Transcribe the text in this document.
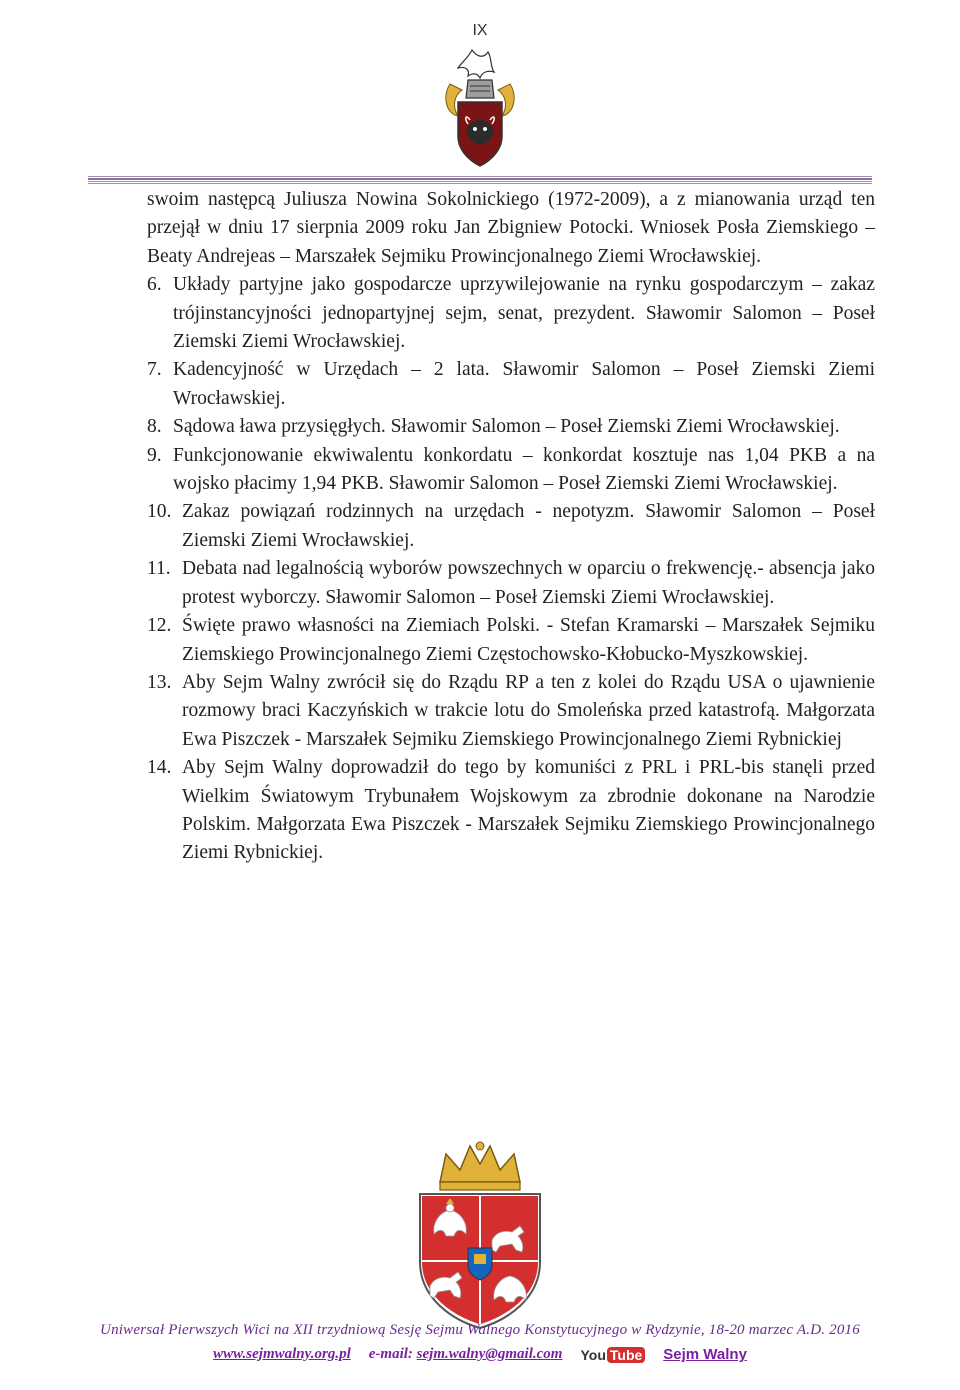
IX

swoim następcą Juliusza Nowina Sokolnickiego (1972-2009), a z mianowania urząd ten przejął w dniu 17 sierpnia 2009 roku Jan Zbigniew Potocki. Wniosek Posła Ziemskiego – Beaty Andrejeas – Marszałek Sejmiku Prowincjonalnego Ziemi Wrocławskiej.

6. Układy partyjne jako gospodarcze uprzywilejowanie na rynku gospodarczym – zakaz trójinstancyjności jednopartyjnej sejm, senat, prezydent. Sławomir Salomon – Poseł Ziemski Ziemi Wrocławskiej.
7. Kadencyjność w Urzędach – 2 lata. Sławomir Salomon – Poseł Ziemski Ziemi Wrocławskiej.
8. Sądowa ława przysięgłych. Sławomir Salomon – Poseł Ziemski Ziemi Wrocławskiej.
9. Funkcjonowanie ekwiwalentu konkordatu – konkordat kosztuje nas 1,04 PKB a na wojsko płacimy 1,94 PKB. Sławomir Salomon – Poseł Ziemski Ziemi Wrocławskiej.
10. Zakaz powiązań rodzinnych na urzędach - nepotyzm. Sławomir Salomon – Poseł Ziemski Ziemi Wrocławskiej.
11. Debata nad legalnością wyborów powszechnych w oparciu o frekwencję.- absencja jako protest wyborczy. Sławomir Salomon – Poseł Ziemski Ziemi Wrocławskiej.
12. Święte prawo własności na Ziemiach Polski. - Stefan Kramarski – Marszałek Sejmiku Ziemskiego Prowincjonalnego Ziemi Częstochowsko-Kłobucko-Myszkowskiej.
13. Aby Sejm Walny zwrócił się do Rządu RP a ten z kolei do Rządu USA o ujawnienie rozmowy braci Kaczyńskich w trakcie lotu do Smoleńska przed katastrofą. Małgorzata Ewa Piszczek - Marszałek Sejmiku Ziemskiego Prowincjonalnego Ziemi Rybnickiej
14. Aby Sejm Walny doprowadził do tego by komuniści z PRL i PRL-bis stanęli przed Wielkim Światowym Trybunałem Wojskowym za zbrodnie dokonane na Narodzie Polskim. Małgorzata Ewa Piszczek - Marszałek Sejmiku Ziemskiego Prowincjonalnego Ziemi Rybnickiej.
Uniwersał Pierwszych Wici na XII trzydniową Sesję Sejmu Walnego Konstytucyjnego w Rydzynie, 18-20 marzec A.D. 2016
www.sejmwalny.org.pl e-mail: sejm.walny@gmail.com You Tube Sejm Walny
